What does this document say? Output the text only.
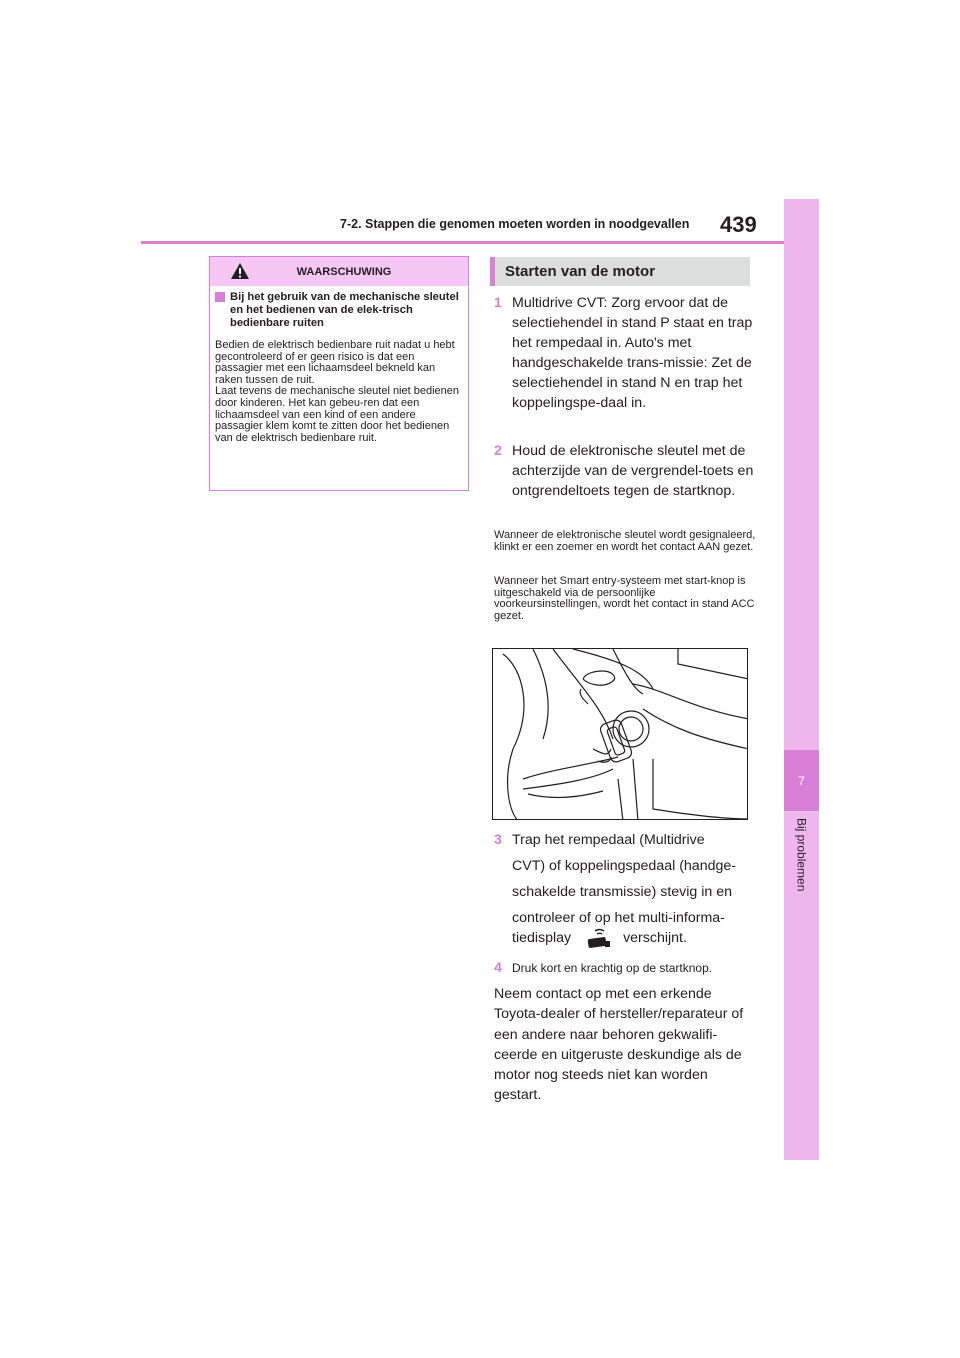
7-2. Stappen die genomen moeten worden in noodgevallen 439
7
Bij problemen
WAARSCHUWING
Bij het gebruik van de mechanische sleutel en het bedienen van de elek-trisch bedienbare ruiten
Bedien de elektrisch bedienbare ruit nadat u hebt gecontroleerd of er geen risico is dat een passagier met een lichaamsdeel bekneld kan raken tussen de ruit.
Laat tevens de mechanische sleutel niet bedienen door kinderen. Het kan gebeu-ren dat een lichaamsdeel van een kind of een andere passagier klem komt te zitten door het bedienen van de elektrisch bedienbare ruit.
Starten van de motor
1 Multidrive CVT: Zorg ervoor dat de selectiehendel in stand P staat en trap het rempedaal in. Auto's met handgeschakelde trans-missie: Zet de selectiehendel in stand N en trap het koppelingspe-daal in.
2 Houd de elektronische sleutel met de achterzijde van de vergrendel-toets en ontgrendeltoets tegen de startknop.
Wanneer de elektronische sleutel wordt gesignaleerd, klinkt er een zoemer en wordt het contact AAN gezet.
Wanneer het Smart entry-systeem met start-knop is uitgeschakeld via de persoonlijke voorkeursinstellingen, wordt het contact in stand ACC gezet.
3 Trap het rempedaal (Multidrive
CVT) of koppelingspedaal (handge-
schakelde transmissie) stevig in en
controleer of op het multi-informa-
tiedisplay	verschijnt.
4 Druk kort en krachtig op de startknop.
Neem contact op met een erkende Toyota-dealer of hersteller/reparateur of een andere naar behoren gekwalifi-ceerde en uitgeruste deskundige als de motor nog steeds niet kan worden gestart.
